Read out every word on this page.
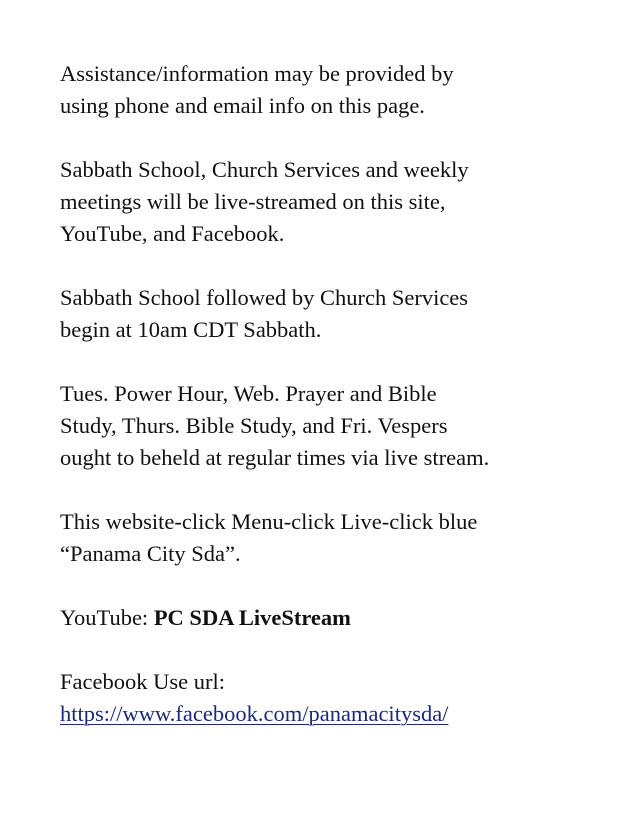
Assistance/information may be provided by
using phone and email info on this page.

Sabbath School, Church Services and weekly
meetings will be live-streamed on this site,
YouTube, and Facebook.

Sabbath School followed by Church Services
begin at 10am CDT Sabbath.

Tues. Power Hour, Web. Prayer and Bible
Study, Thurs. Bible Study, and Fri. Vespers
ought to beheld at regular times via live stream.

This website-click Menu-click Live-click blue
“Panama City Sda”.

YouTube: PC SDA LiveStream

Facebook Use url:
https://www.facebook.com/panamacitysda/
